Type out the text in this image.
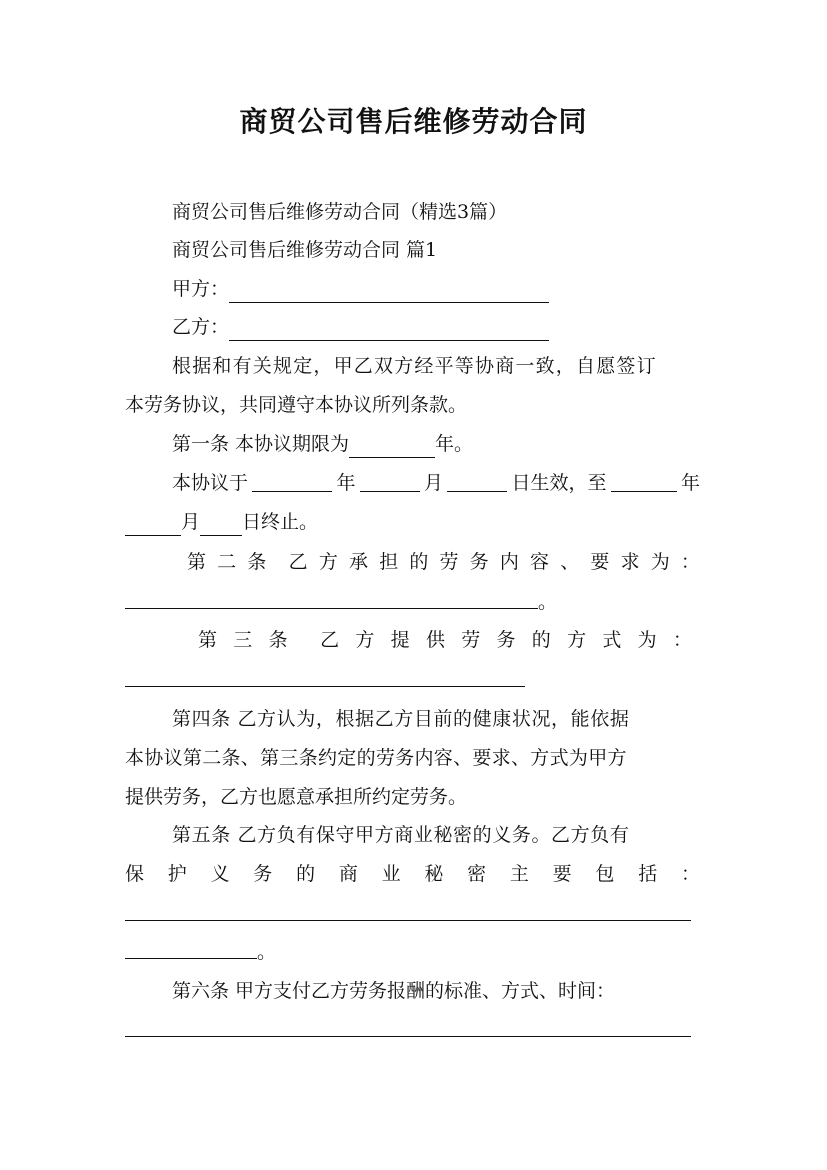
商贸公司售后维修劳动合同
商贸公司售后维修劳动合同（精选3篇）
商贸公司售后维修劳动合同 篇1
甲方：
乙方：
根据和有关规定，甲乙双方经平等协商一致，自愿签订
本劳务协议，共同遵守本协议所列条款。
第一条 本协议期限为	年。
本协议于	年	月	日生效，至	年
月 日终止。
第 二 条 乙 方 承 担 的 劳 务 内 容 、 要 求 为 ：
。
第 三 条 乙 方 提 供 劳 务 的 方 式 为 ：
第四条 乙方认为，根据乙方目前的健康状况，能依据
本协议第二条、第三条约定的劳务内容、要求、方式为甲方
提供劳务，乙方也愿意承担所约定劳务。
第五条 乙方负有保守甲方商业秘密的义务。乙方负有
保 护 义 务 的 商 业 秘 密 主 要 包 括 ：
。
第六条 甲方支付乙方劳务报酬的标准、方式、时间：
